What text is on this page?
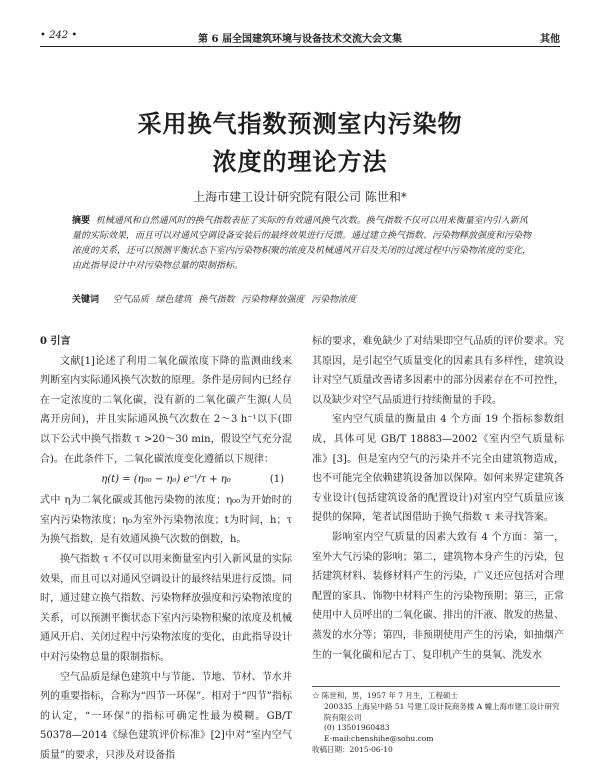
• 242 •	第 6 届全国建筑环境与设备技术交流大会文集	其他
采用换气指数预测室内污染物
浓度的理论方法
上海市建工设计研究院有限公司 陈世和*
摘要 机械通风和自然通风时的换气指数表征了实际的有效通风换气次数。换气指数不仅可以用来衡量室内引入新风量的实际效果，而且可以对通风空调设备安装后的最终效果进行反馈。通过建立换气指数、污染物释放强度和污染物浓度的关系，还可以预测平衡状态下室内污染物积聚的浓度及机械通风开启及关闭的过渡过程中污染物浓度的变化，由此指导设计中对污染物总量的限制指标。
关键词 空气品质 绿色建筑 换气指数 污染物释放强度 污染物浓度

0 引言

文献[1]论述了利用二氧化碳浓度下降的监测曲线来判断室内实际通风换气次数的原理。条件是房间内已经存在一定浓度的二氧化碳，没有新的二氧化碳产生源(人员离开房间)，并且实际通风换气次数在 2～3 h⁻¹以下(即以下公式中换气指数 τ >20～30 min，假设空气充分混合)。在此条件下，二氧化碳浓度变化遵循以下规律：

η(t) = (η₀₀ − η₀) e⁻ᵗ/τ + η₀	(1)

式中 η为二氧化碳或其他污染物的浓度；η₀₀为开始时的室内污染物浓度；η₀为室外污染物浓度；t为时间，h；τ为换气指数，是有效通风换气次数的倒数，h。

换气指数 τ 不仅可以用来衡量室内引入新风量的实际效果，而且可以对通风空调设计的最终结果进行反馈。同时，通过建立换气指数、污染物释放强度和污染物浓度的关系，可以预测平衡状态下室内污染物积聚的浓度及机械通风开启、关闭过程中污染物浓度的变化，由此指导设计中对污染物总量的限制指标。

空气品质是绿色建筑中与节能、节地、节材、节水并列的重要指标，合称为“四节一环保”。相对于“四节”指标的认定，“一环保”的指标可确定性最为模糊。GB/T 50378—2014《绿色建筑评价标准》[2]中对“室内空气质量”的要求，只涉及对设备指

标的要求，难免缺少了对结果即空气品质的评价要求。究其原因，是引起空气质量变化的因素具有多样性，建筑设计对空气质量改善诸多因素中的部分因素存在不可控性，以及缺少对空气品质进行持续衡量的手段。

室内空气质量的衡量由 4 个方面 19 个指标参数组成，具体可见 GB/T 18883—2002《室内空气质量标准》[3]。但是室内空气的污染并不完全由建筑物造成，也不可能完全依赖建筑设备加以保障。如何来界定建筑各专业设计(包括建筑设备的配置设计)对室内空气质量应该提供的保障，笔者试图借助于换气指数 τ 来寻找答案。

影响室内空气质量的因素大致有 4 个方面：第一，室外大气污染的影响；第二，建筑物本身产生的污染，包括建筑材料、装修材料产生的污染，广义还应包括对合理配置的家具、饰物中材料产生的污染物预期；第三，正常使用中人员呼出的二氧化碳、排出的汗液、散发的热量、蒸发的水分等；第四，非预期使用产生的污染，如抽烟产生的一氧化碳和尼古丁、复印机产生的臭氧、洗发水

☆ 陈世和，男，1957 年 7 月生，工程硕士
200335 上海吴中路 51 号建工设计院商务楼 A 幢上海市建工设计研究院有限公司
(0) 13501960483
E-mail:chenshihe@sohu.com
收稿日期：2015-06-10
